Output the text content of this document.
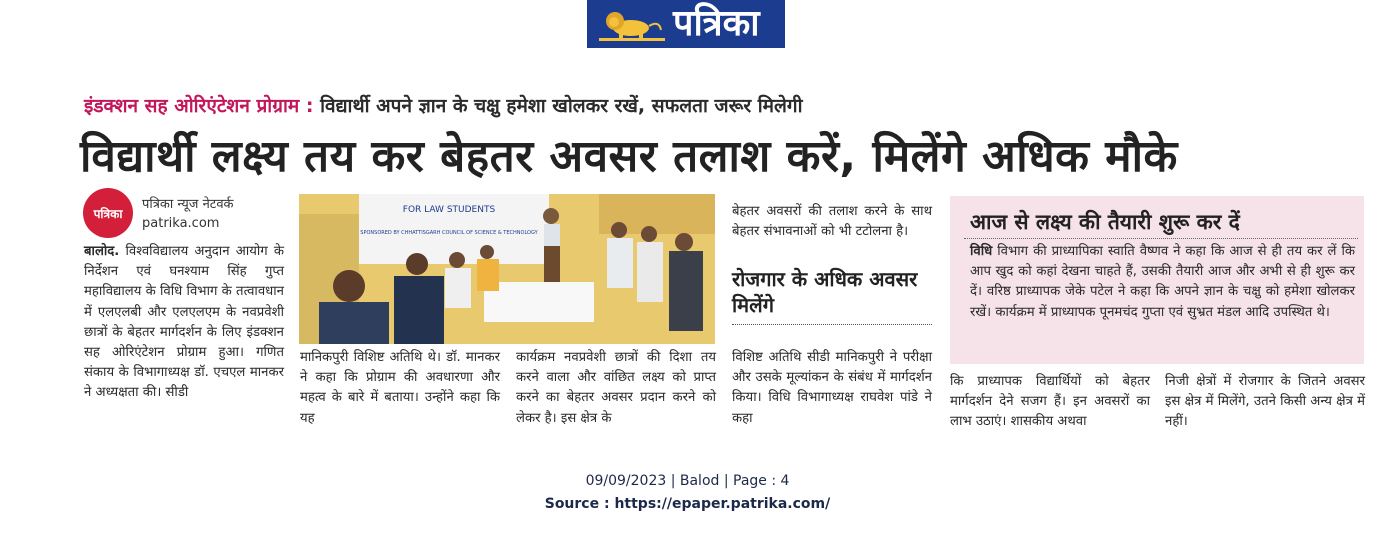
पत्रिका
इंडक्शन सह ओरिएंटेशन प्रोग्राम : विद्यार्थी अपने ज्ञान के चक्षु हमेशा खोलकर रखें, सफलता जरूर मिलेगी
विद्यार्थी लक्ष्य तय कर बेहतर अवसर तलाश करें, मिलेंगे अधिक मौके
पत्रिका
पत्रिका न्यूज नेटवर्क
patrika.com
बालोद. विश्वविद्यालय अनुदान आयोग के निर्देशन एवं घनश्याम सिंह गुप्त महाविद्यालय के विधि विभाग के तत्वावधान में एलएलबी और एलएलएम के नवप्रवेशी छात्रों के बेहतर मार्गदर्शन के लिए इंडक्शन सह ओरिएंटेशन प्रोग्राम हुआ। गणित संकाय के विभागाध्यक्ष डॉ. एचएल मानकर ने अध्यक्षता की। सीडी
FOR LAW STUDENTS
SPONSORED BY CHHATTISGARH COUNCIL OF SCIENCE & TECHNOLOGY
मानिकपुरी विशिष्ट अतिथि थे। डॉ. मानकर ने कहा कि प्रोग्राम की अवधारणा और महत्व के बारे में बताया। उन्होंने कहा कि यह
कार्यक्रम नवप्रवेशी छात्रों की दिशा तय करने वाला और वांछित लक्ष्य को प्राप्त करने का बेहतर अवसर प्रदान करने को लेकर है। इस क्षेत्र के
बेहतर अवसरों की तलाश करने के साथ बेहतर संभावनाओं को भी टटोलना है।
रोजगार के अधिक अवसर मिलेंगे
विशिष्ट अतिथि सीडी मानिकपुरी ने परीक्षा और उसके मूल्यांकन के संबंध में मार्गदर्शन किया। विधि विभागाध्यक्ष राघवेश पांडे ने कहा
आज से लक्ष्य की तैयारी शुरू कर दें
विधि विभाग की प्राध्यापिका स्वाति वैष्णव ने कहा कि आज से ही तय कर लें कि आप खुद को कहां देखना चाहते हैं, उसकी तैयारी आज और अभी से ही शुरू कर दें। वरिष्ठ प्राध्यापक जेके पटेल ने कहा कि अपने ज्ञान के चक्षु को हमेशा खोलकर रखें। कार्यक्रम में प्राध्यापक पूनमचंद गुप्ता एवं सुभ्रत मंडल आदि उपस्थित थे।
कि प्राध्यापक विद्यार्थियों को बेहतर मार्गदर्शन देने सजग हैं। इन अवसरों का लाभ उठाएं। शासकीय अथवा
निजी क्षेत्रों में रोजगार के जितने अवसर इस क्षेत्र में मिलेंगे, उतने किसी अन्य क्षेत्र में नहीं।
09/09/2023 | Balod | Page : 4
Source : https://epaper.patrika.com/
